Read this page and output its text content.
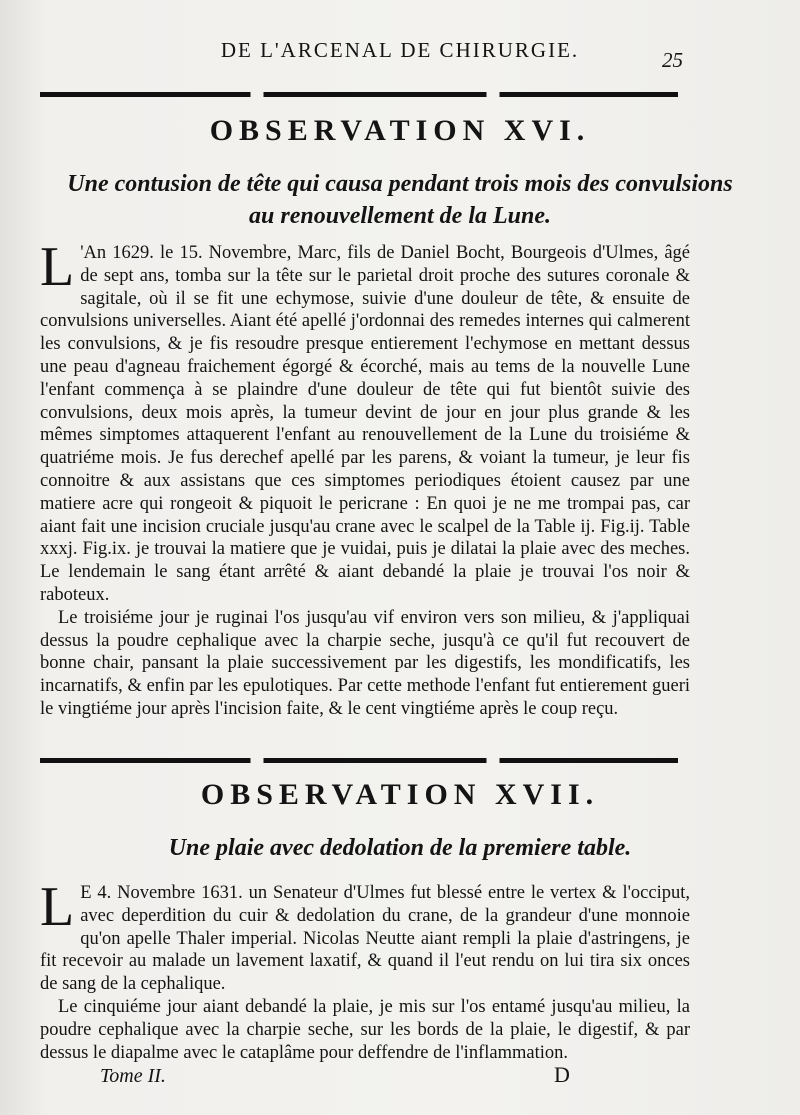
DE L'ARCENAL DE CHIRURGIE.	25
OBSERVATION XVI.
Une contusion de tête qui causa pendant trois mois des convulsions au renouvellement de la Lune.

L 'An 1629. le 15. Novembre, Marc, fils de Daniel Bocht, Bourgeois d'Ulmes, âgé de sept ans, tomba sur la tête sur le parietal droit proche des sutures coronale & sagitale, où il se fit une echymose, suivie d'une douleur de tête, & ensuite de convulsions universelles. Aiant été apellé j'ordonnai des remedes internes qui calmerent les convulsions, & je fis resoudre presque entierement l'echymose en mettant dessus une peau d'agneau fraichement égorgé & écorché, mais au tems de la nouvelle Lune l'enfant commença à se plaindre d'une douleur de tête qui fut bientôt suivie des convulsions, deux mois après, la tumeur devint de jour en jour plus grande & les mêmes simptomes attaquerent l'enfant au renouvellement de la Lune du troisiéme & quatriéme mois. Je fus derechef apellé par les parens, & voiant la tumeur, je leur fis connoitre & aux assistans que ces simptomes periodiques étoient causez par une matiere acre qui rongeoit & piquoit le pericrane : En quoi je ne me trompai pas, car aiant fait une incision cruciale jusqu'au crane avec le scalpel de la Table ij. Fig.ij. Table xxxj. Fig.ix. je trouvai la matiere que je vuidai, puis je dilatai la plaie avec des meches. Le lendemain le sang étant arrêté & aiant debandé la plaie je trouvai l'os noir & raboteux.

Le troisiéme jour je ruginai l'os jusqu'au vif environ vers son milieu, & j'appliquai dessus la poudre cephalique avec la charpie seche, jusqu'à ce qu'il fut recouvert de bonne chair, pansant la plaie successivement par les digestifs, les mondificatifs, les incarnatifs, & enfin par les epulotiques. Par cette methode l'enfant fut entierement gueri le vingtiéme jour après l'incision faite, & le cent vingtiéme après le coup reçu.

OBSERVATION XVII.
Une plaie avec dedolation de la premiere table.

L E 4. Novembre 1631. un Senateur d'Ulmes fut blessé entre le vertex & l'occiput, avec deperdition du cuir & dedolation du crane, de la grandeur d'une monnoie qu'on apelle Thaler imperial. Nicolas Neutte aiant rempli la plaie d'astringens, je fit recevoir au malade un lavement laxatif, & quand il l'eut rendu on lui tira six onces de sang de la cephalique.

Le cinquiéme jour aiant debandé la plaie, je mis sur l'os entamé jusqu'au milieu, la poudre cephalique avec la charpie seche, sur les bords de la plaie, le digestif, & par dessus le diapalme avec le cataplâme pour deffendre de l'inflammation.

Tome II.	D
